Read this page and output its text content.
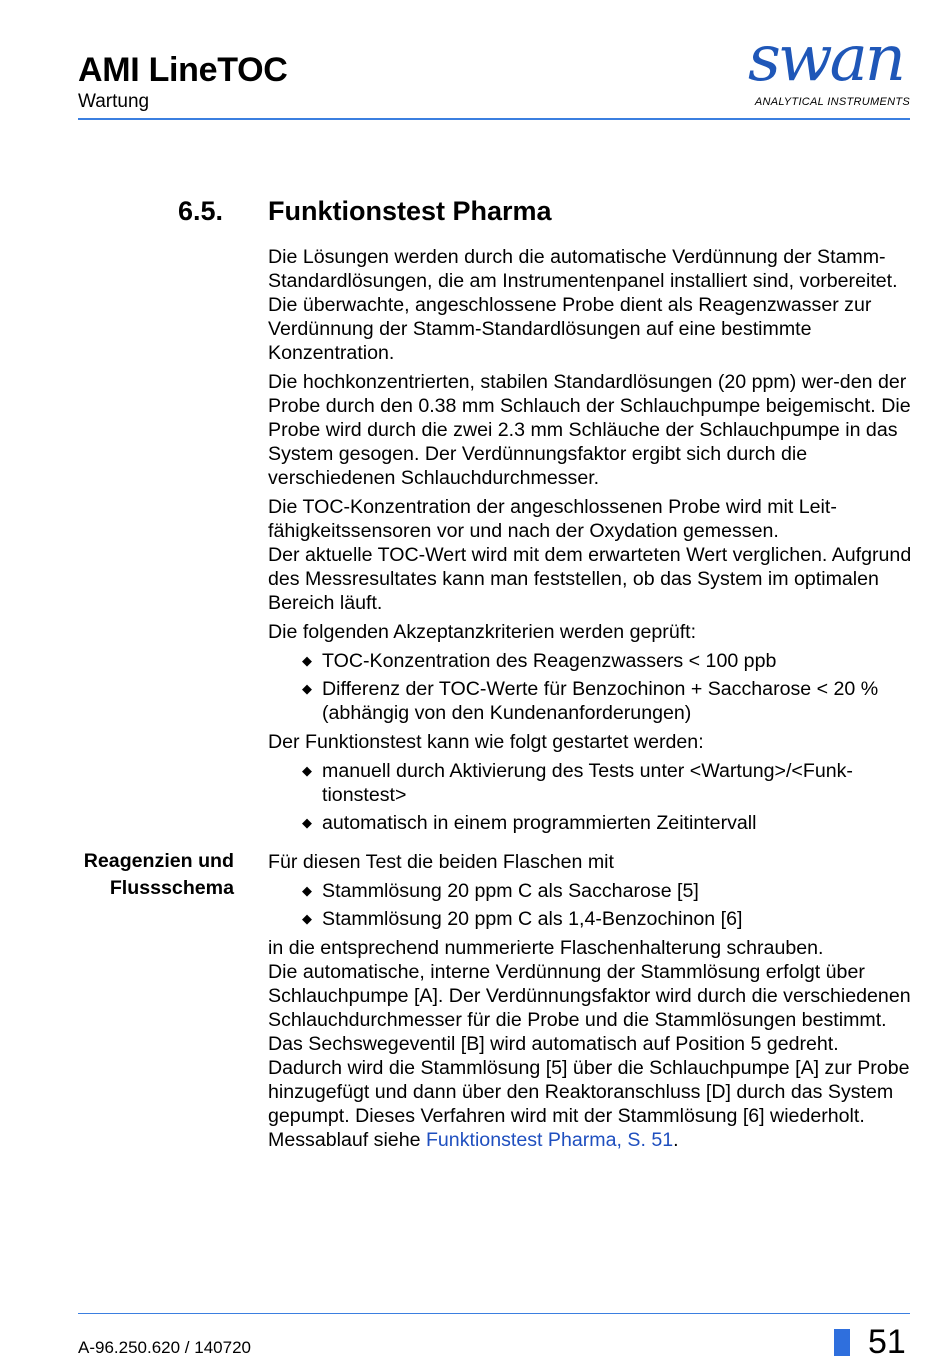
AMI LineTOC
Wartung
swan
ANALYTICAL INSTRUMENTS
6.5. Funktionstest Pharma

Die Lösungen werden durch die automatische Verdünnung der Stamm-Standardlösungen, die am Instrumentenpanel installiert sind, vorbereitet. Die überwachte, angeschlossene Probe dient als Reagenzwasser zur Verdünnung der Stamm-Standardlösungen auf eine bestimmte Konzentration.

Die hochkonzentrierten, stabilen Standardlösungen (20 ppm) wer-den der Probe durch den 0.38 mm Schlauch der Schlauchpumpe beigemischt. Die Probe wird durch die zwei 2.3 mm Schläuche der Schlauchpumpe in das System gesogen. Der Verdünnungsfaktor ergibt sich durch die verschiedenen Schlauchdurchmesser.

Die TOC-Konzentration der angeschlossenen Probe wird mit Leit-fähigkeitssensoren vor und nach der Oxydation gemessen.

Der aktuelle TOC-Wert wird mit dem erwarteten Wert verglichen. Aufgrund des Messresultates kann man feststellen, ob das System im optimalen Bereich läuft.

Die folgenden Akzeptanzkriterien werden geprüft:

◆ TOC-Konzentration des Reagenzwassers < 100 ppb
◆ Differenz der TOC-Werte für Benzochinon + Saccharose < 20 % (abhängig von den Kundenanforderungen)

Der Funktionstest kann wie folgt gestartet werden:

◆ manuell durch Aktivierung des Tests unter <Wartung>/<Funk-tionstest>
◆ automatisch in einem programmierten Zeitintervall

Für diesen Test die beiden Flaschen mit

◆ Stammlösung 20 ppm C als Saccharose [5]
◆ Stammlösung 20 ppm C als 1,4-Benzochinon [6]

in die entsprechend nummerierte Flaschenhalterung schrauben.

Die automatische, interne Verdünnung der Stammlösung erfolgt über Schlauchpumpe [A]. Der Verdünnungsfaktor wird durch die verschiedenen Schlauchdurchmesser für die Probe und die Stammlösungen bestimmt.

Das Sechswegeventil [B] wird automatisch auf Position 5 gedreht. Dadurch wird die Stammlösung [5] über die Schlauchpumpe [A] zur Probe hinzugefügt und dann über den Reaktoranschluss [D] durch das System gepumpt. Dieses Verfahren wird mit der Stammlösung [6] wiederholt.

Messablauf siehe Funktionstest Pharma, S. 51.

Reagenzien und Flussschema
A-96.250.620 / 140720	51
